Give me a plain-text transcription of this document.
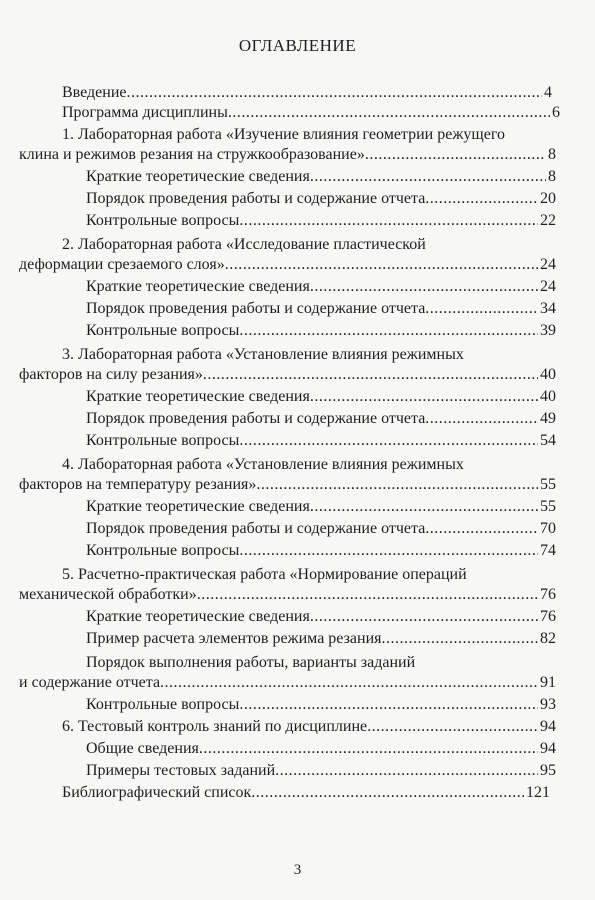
ОГЛАВЛЕНИЕ
Введение .....	4
Программа дисциплины .....	6
1. Лабораторная работа «Изучение влияния геометрии режущего
клина и режимов резания на стружкообразование» .....	8
Краткие теоретические сведения .....	8
Порядок проведения работы и содержание отчета .....	20
Контрольные вопросы .....	22
2. Лабораторная работа «Исследование пластической
деформации срезаемого слоя» .....	24
Краткие теоретические сведения .....	24
Порядок проведения работы и содержание отчета .....	34
Контрольные вопросы .....	39
3. Лабораторная работа «Установление влияния режимных
факторов на силу резания» .....	40
Краткие теоретические сведения .....	40
Порядок проведения работы и содержание отчета .....	49
Контрольные вопросы .....	54
4. Лабораторная работа «Установление влияния режимных
факторов на температуру резания» .....	55
Краткие теоретические сведения .....	55
Порядок проведения работы и содержание отчета .....	70
Контрольные вопросы .....	74
5. Расчетно-практическая работа «Нормирование операций
механической обработки» .....	76
Краткие теоретические сведения .....	76
Пример расчета элементов режима резания .....	82
Порядок выполнения работы, варианты заданий
и содержание отчета .....	91
Контрольные вопросы .....	93
6. Тестовый контроль знаний по дисциплине .....	94
Общие сведения .....	94
Примеры тестовых заданий .....	95
Библиографический список .....	121
3
